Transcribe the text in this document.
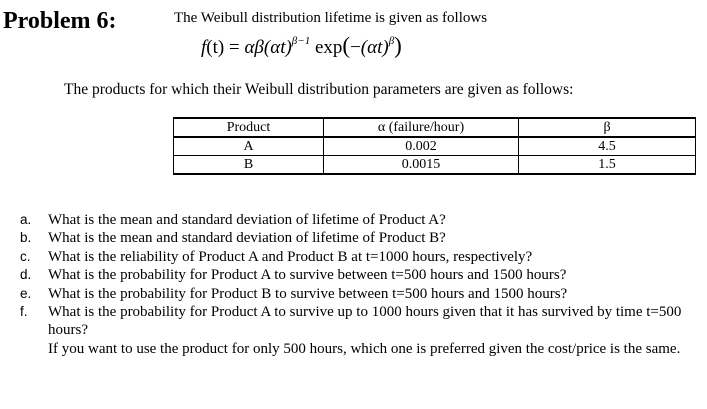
Problem 6:	The Weibull distribution lifetime is given as follows
$f(t) = \alpha\beta(\alpha t)^{\beta-1}$ $\exp(-(\alpha t)^\beta)$
The products for which their Weibull distribution parameters are given as follows:
Product	α (failure/hour)	β
A	0.002	4.5
B	0.0015	1.5
a.	What is the mean and standard deviation of lifetime of Product A?
b.	What is the mean and standard deviation of lifetime of Product B?
c.	What is the reliability of Product A and Product B at t=1000 hours, respectively?
d.	What is the probability for Product A to survive between t=500 hours and 1500 hours?
e.	What is the probability for Product B to survive between t=500 hours and 1500 hours?
f.	What is the probability for Product A to survive up to 1000 hours given that it has survived by time t=500 hours?
If you want to use the product for only 500 hours, which one is preferred given the cost/price is the same.
